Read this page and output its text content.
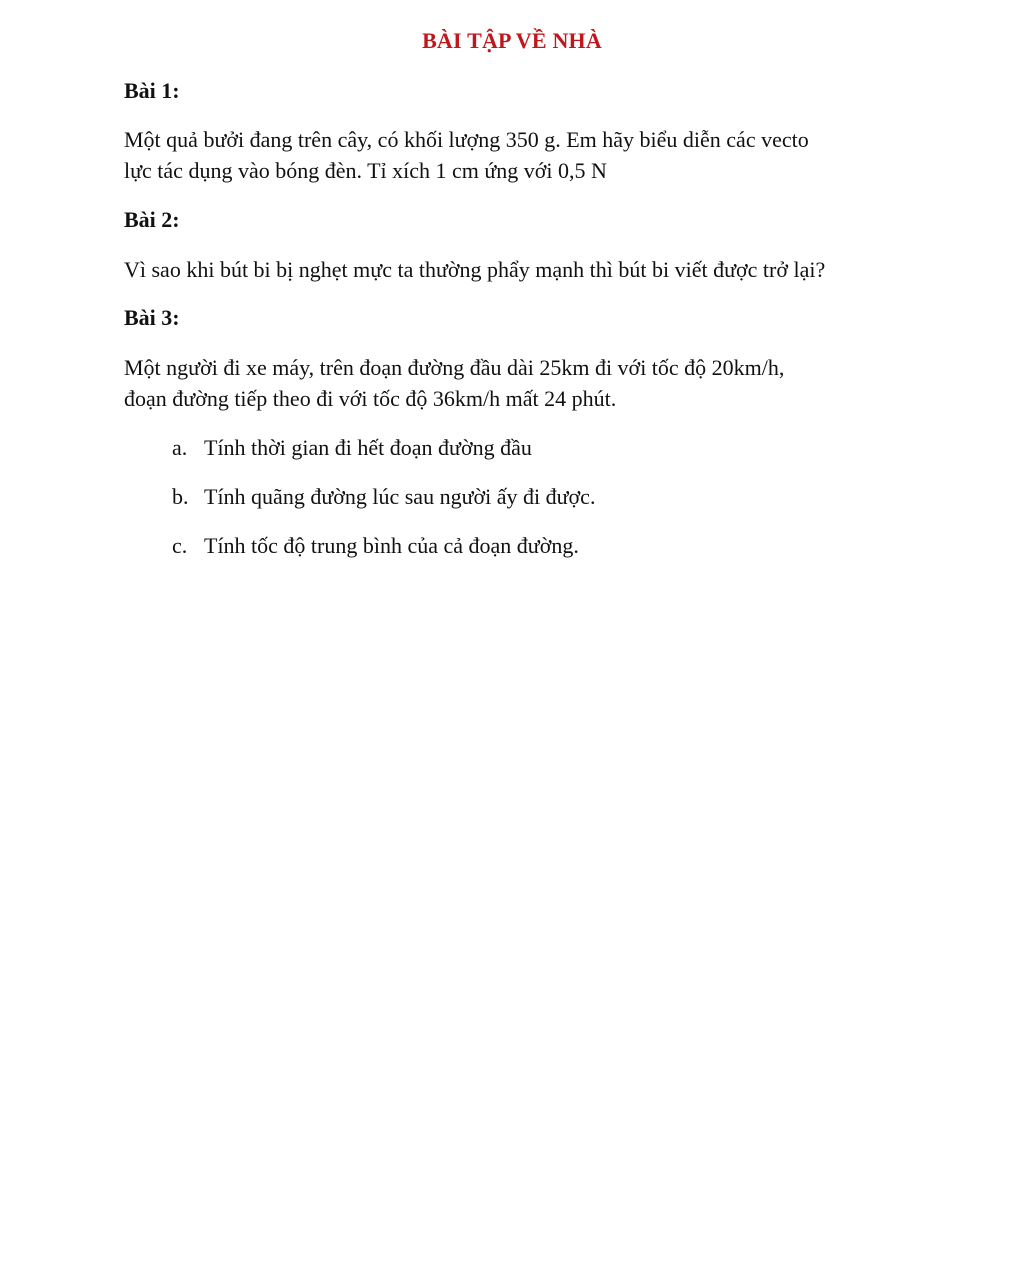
BÀI TẬP VỀ NHÀ
Bài 1:
Một quả bưởi đang trên cây, có khối lượng 350 g. Em hãy biểu diễn các vecto
lực tác dụng vào bóng đèn. Tỉ xích 1 cm ứng với 0,5 N
Bài 2:
Vì sao khi bút bi bị nghẹt mực ta thường phẩy mạnh thì bút bi viết được trở lại?
Bài 3:
Một người đi xe máy, trên đoạn đường đầu dài 25km đi với tốc độ 20km/h,
đoạn đường tiếp theo đi với tốc độ 36km/h mất 24 phút.
a. Tính thời gian đi hết đoạn đường đầu
b. Tính quãng đường lúc sau người ấy đi được.
c. Tính tốc độ trung bình của cả đoạn đường.
